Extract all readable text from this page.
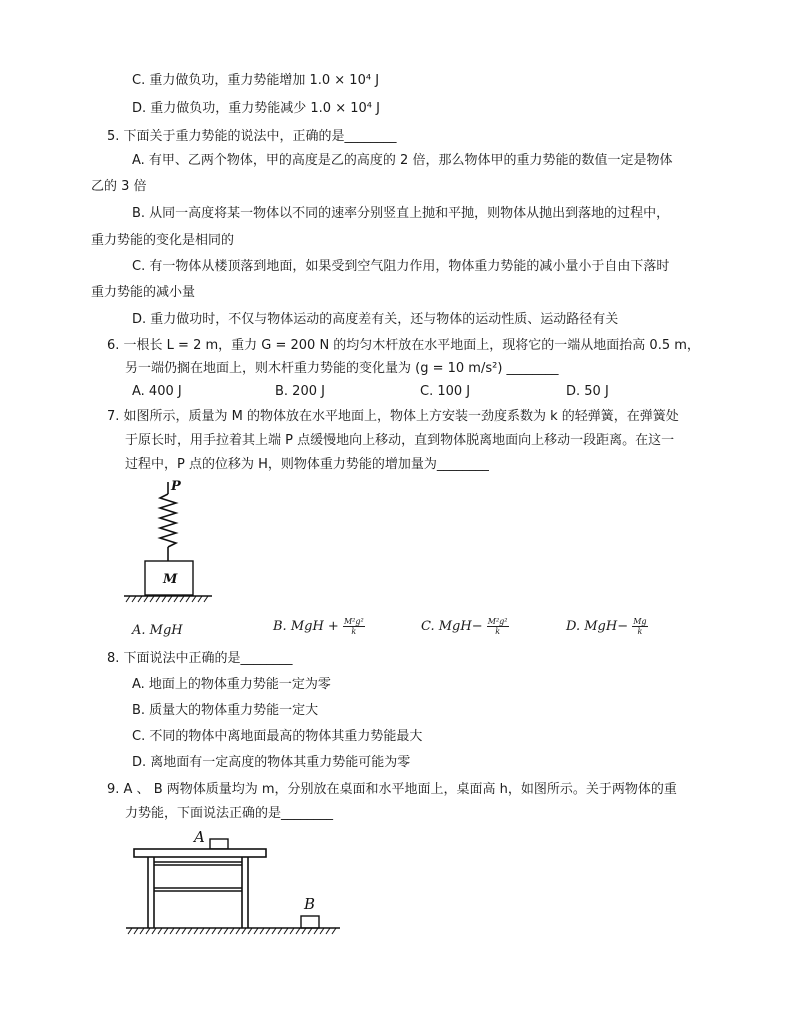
C. 重力做负功，重力势能增加 1.0 × 10⁴ J
D. 重力做负功，重力势能减少 1.0 × 10⁴ J
5. 下面关于重力势能的说法中，正确的是________
A. 有甲、乙两个物体，甲的高度是乙的高度的 2 倍，那么物体甲的重力势能的数值一定是物体
乙的 3 倍
B. 从同一高度将某一物体以不同的速率分别竖直上抛和平抛，则物体从抛出到落地的过程中，
重力势能的变化是相同的
C. 有一物体从楼顶落到地面，如果受到空气阻力作用，物体重力势能的减小量小于自由下落时
重力势能的减小量
D. 重力做功时，不仅与物体运动的高度差有关，还与物体的运动性质、运动路径有关
6. 一根长 L = 2 m，重力 G = 200 N 的均匀木杆放在水平地面上，现将它的一端从地面抬高 0.5 m，
另一端仍搁在地面上，则木杆重力势能的变化量为 (g = 10 m/s²) ________
A. 400 J	B. 200 J	C. 100 J	D. 50 J
7. 如图所示，质量为 M 的物体放在水平地面上，物体上方安装一劲度系数为 k 的轻弹簧，在弹簧处
于原长时，用手拉着其上端 P 点缓慢地向上移动，直到物体脱离地面向上移动一段距离。在这一
过程中，P 点的位移为 H，则物体重力势能的增加量为________
P
M
A. MgH	B. MgH + $\frac{\text{M²g²}}{k}$	C. $MgH- \frac{\text{M²g²}}{k}$	D. $MgH- \frac{Mg}{k}$
8. 下面说法中正确的是________
A. 地面上的物体重力势能一定为零
B. 质量大的物体重力势能一定大
C. 不同的物体中离地面最高的物体其重力势能最大
D. 离地面有一定高度的物体其重力势能可能为零
9. A 、 B 两物体质量均为 m，分别放在桌面和水平地面上，桌面高 h，如图所示。关于两物体的重
力势能，下面说法正确的是________
A
B
